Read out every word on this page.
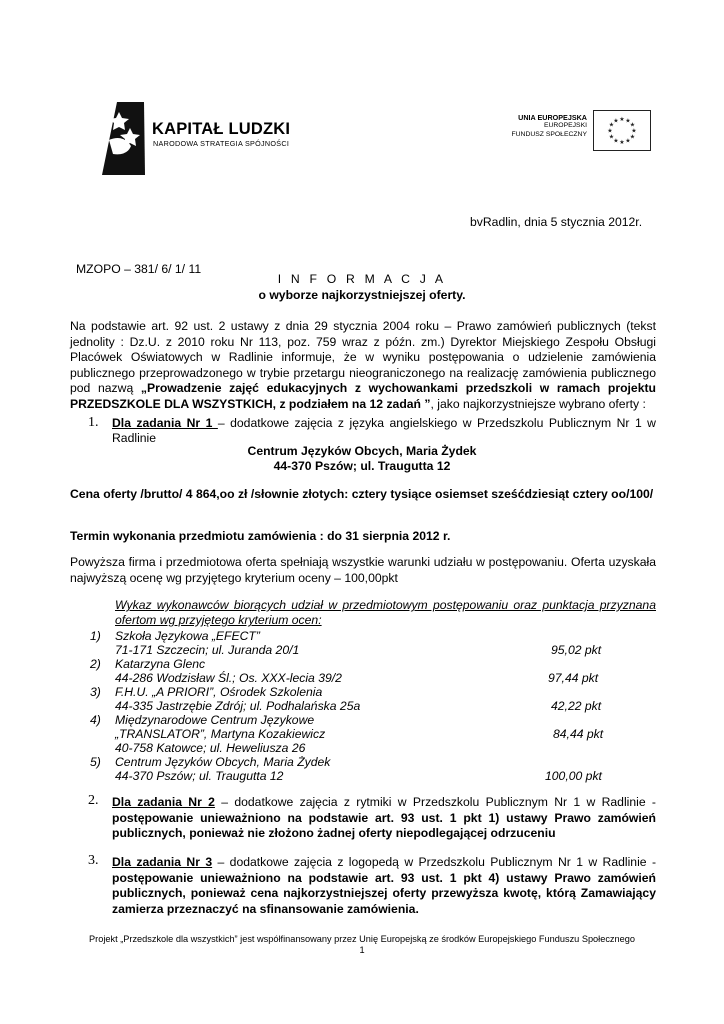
KAPITAŁ LUDZKI
NARODOWA STRATEGIA SPÓJNOŚCI
UNIA EUROPEJSKA
EUROPEJSKI
FUNDUSZ SPOŁECZNY
★ ★
★
★
★
★
★
★
★
★
★
★
bvRadlin, dnia 5 stycznia 2012r.
MZOPO – 381/ 6/ 1/ 11
I N F O R M A C J A
o wyborze najkorzystniejszej oferty.
Na podstawie art. 92 ust. 2 ustawy z dnia 29 stycznia 2004 roku – Prawo zamówień publicznych (tekst jednolity : Dz.U. z 2010 roku Nr 113, poz. 759 wraz z późn. zm.) Dyrektor Miejskiego Zespołu Obsługi Placówek Oświatowych w Radlinie informuje, że w wyniku postępowania o udzielenie zamówienia publicznego przeprowadzonego w trybie przetargu nieograniczonego na realizację zamówienia publicznego pod nazwą „Prowadzenie zajęć edukacyjnych z wychowankami przedszkoli w ramach projektu PRZEDSZKOLE DLA WSZYSTKICH, z podziałem na 12 zadań ”, jako najkorzystniejsze wybrano oferty :
1. Dla zadania Nr 1 – dodatkowe zajęcia z języka angielskiego w Przedszkolu Publicznym Nr 1 w Radlinie
Centrum Języków Obcych, Maria Żydek
44-370 Pszów; ul. Traugutta 12
Cena oferty /brutto/ 4 864,oo zł /słownie złotych: cztery tysiące osiemset sześćdziesiąt cztery oo/100/
Termin wykonania przedmiotu zamówienia : do 31 sierpnia 2012 r.
Powyższa firma i przedmiotowa oferta spełniają wszystkie warunki udziału w postępowaniu. Oferta uzyskała najwyższą ocenę wg przyjętego kryterium oceny – 100,00pkt
Wykaz wykonawców biorących udział w przedmiotowym postępowaniu oraz punktacja przyznana ofertom wg przyjętego kryterium ocen:
1) Szkoła Językowa „EFECT”
71-171 Szczecin; ul. Juranda 20/1	95,02 pkt
2) Katarzyna Glenc
44-286 Wodzisław Śl.; Os. XXX-lecia 39/2	97,44 pkt
3) F.H.U. „A PRIORI”, Ośrodek Szkolenia
44-335 Jastrzębie Zdrój; ul. Podhalańska 25a	42,22 pkt
4) Międzynarodowe Centrum Językowe
„TRANSLATOR”, Martyna Kozakiewicz	84,44 pkt
40-758 Katowce; ul. Heweliusza 26
5) Centrum Języków Obcych, Maria Żydek
44-370 Pszów; ul. Traugutta 12	100,00 pkt
2. Dla zadania Nr 2 – dodatkowe zajęcia z rytmiki w Przedszkolu Publicznym Nr 1 w Radlinie - postępowanie unieważniono na podstawie art. 93 ust. 1 pkt 1) ustawy Prawo zamówień publicznych, ponieważ nie złożono żadnej oferty niepodlegającej odrzuceniu
3. Dla zadania Nr 3 – dodatkowe zajęcia z logopedą w Przedszkolu Publicznym Nr 1 w Radlinie - postępowanie unieważniono na podstawie art. 93 ust. 1 pkt 4) ustawy Prawo zamówień publicznych, ponieważ cena najkorzystniejszej oferty przewyższa kwotę, którą Zamawiający zamierza przeznaczyć na sfinansowanie zamówienia.
Projekt „Przedszkole dla wszystkich” jest współfinansowany przez Unię Europejską ze środków Europejskiego Funduszu Społecznego
1
